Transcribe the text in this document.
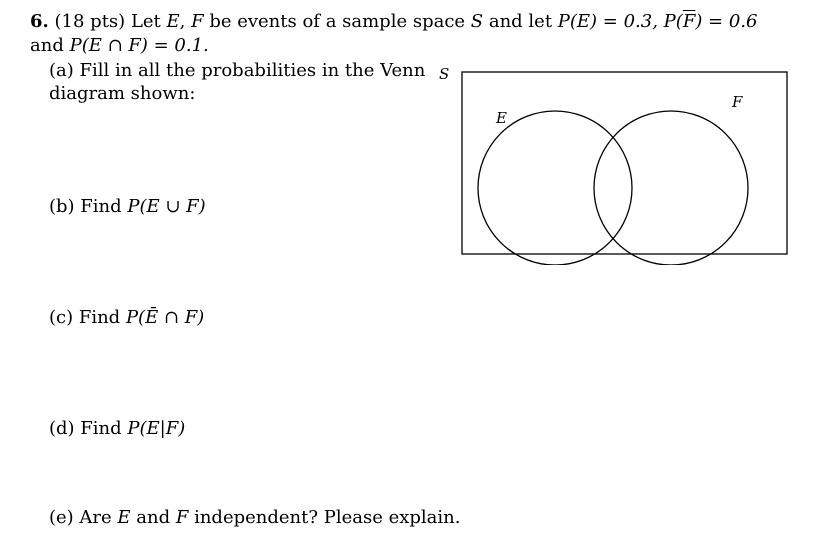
6. (18 pts) Let E, F be events of a sample space S and let P(E) = 0.3, $P(\overline{F}) = 0.6$
and P(E ∩ F) = 0.1.
(a) Fill in all the probabilities in the Venn
diagram shown:
S
E
F
(b) Find P(E ∪ F)
(c) Find P(Ē ∩ F)
(d) Find P(E|F)
(e) Are E and F independent? Please explain.
